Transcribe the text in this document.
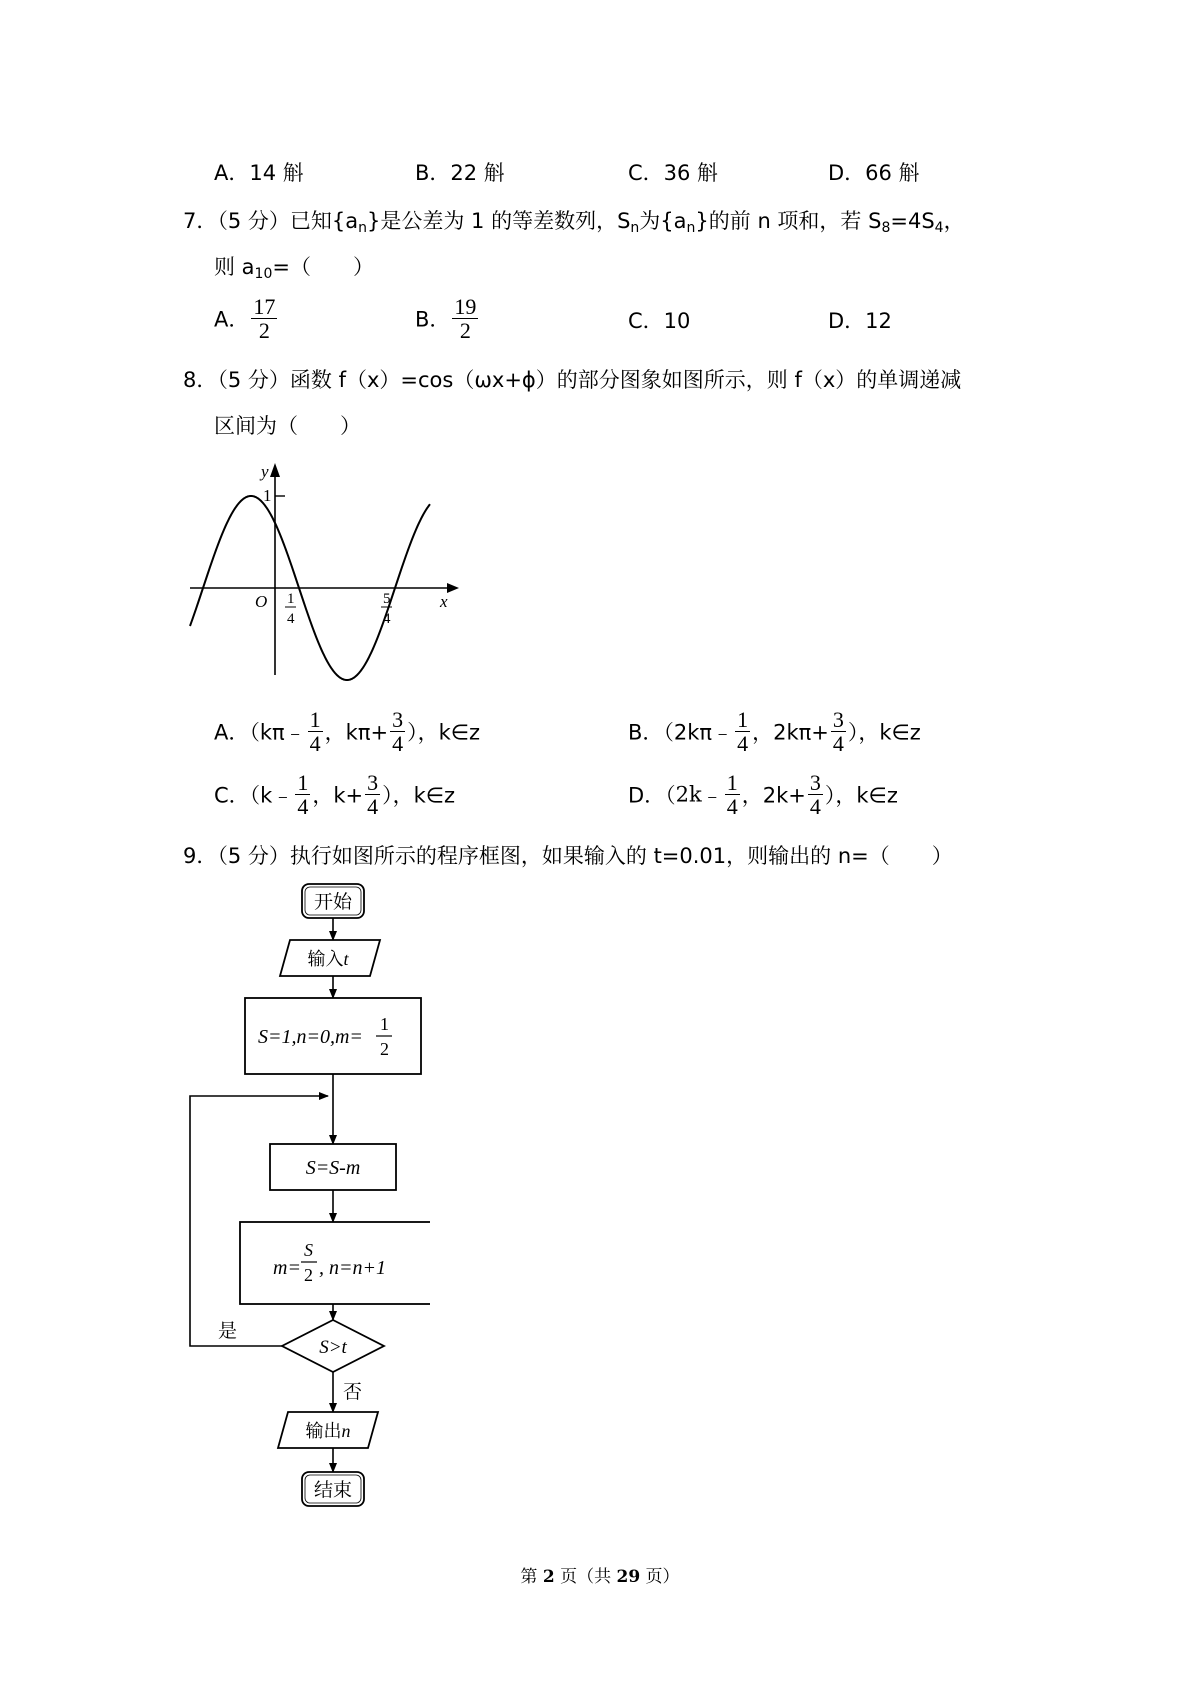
A．14 斛	B．22 斛	C．36 斛	D．66 斛
7．（5 分）已知$\{a_n\}$是公差为 1 的等差数列，$S_n$为$\{a_n\}$的前 n 项和，若 $S_8=4S_4$，
则 $a_{10}=$（　　）
A． $\frac{17}{2}$	B． $\frac{19}{2}$	C．10	D．12
8．（5 分）函数 f（x）=cos（ωx+ϕ）的部分图象如图所示，则 f（x）的单调递减
区间为（　　）
y
1
O	x
1
4
5
4
A．（kπ﹣ $\frac{1}{4}$ ，$k\pi+ \frac{3}{4}$ ），k∈z	B．（2kπ﹣ $\frac{1}{4}$ ，$2k\pi+ \frac{3}{4}$ ），k∈z
C．（k﹣ $\frac{1}{4}$ ，$k+ \frac{3}{4}$ ），k∈z	D．（2k﹣ $\frac{1}{4}$ ，$2k+ \frac{3}{4}$ ），k∈z
9．（5 分）执行如图所示的程序框图，如果输入的 t=0.01，则输出的 n=（　　）
开始
输入t
S=1,n=0,m=
1
2
S=S-m
m=
S
2 , n=n+1
S>t
是
否
输出n
结束
第 2 页（共 29 页）
